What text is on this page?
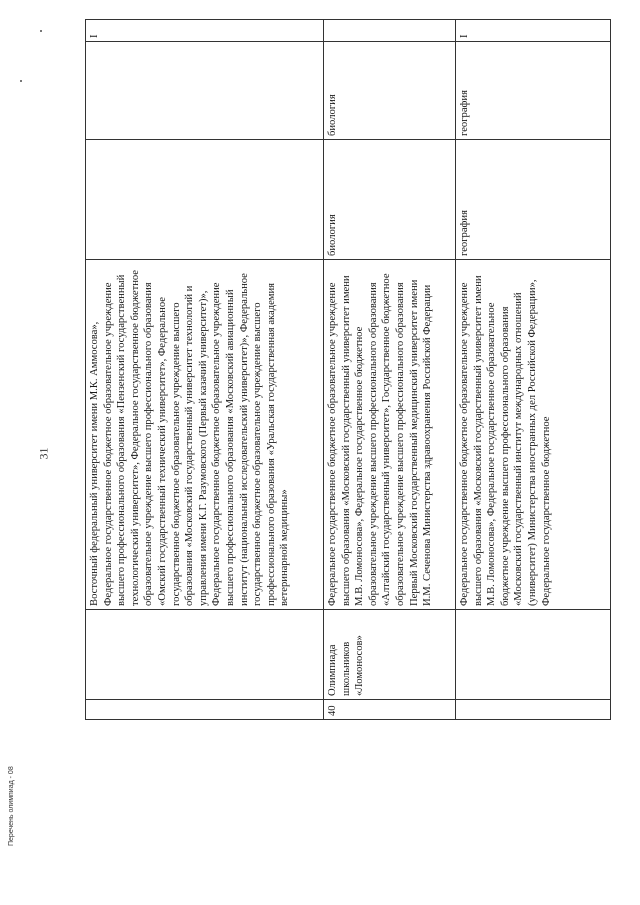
		Восточный федеральный университет имени М.К. Аммосова», Федеральное государственное бюджетное образовательное учреждение высшего профессионального образования «Пензенский государственный технологический университет», Федеральное государственное бюджетное образовательное учреждение высшего профессионального образования «Омский государственный технический университет», Федеральное государственное бюджетное образовательное учреждение высшего образования «Московский государственный университет технологий и управления имени К.Г. Разумовского (Первый казачий университет)», Федеральное государственное бюджетное образовательное учреждение высшего профессионального образования «Московский авиационный институт (национальный исследовательский университет)», Федеральное государственное бюджетное образовательное учреждение высшего профессионального образования «Уральская государственная академия ветеринарной медицины»			I
40	Олимпиада школьников «Ломоносов»	Федеральное государственное бюджетное образовательное учреждение высшего образования «Московский государственный университет имени М.В. Ломоносова», Федеральное государственное бюджетное образовательное учреждение высшего профессионального образования «Алтайский государственный университет», Государственное бюджетное образовательное учреждение высшего профессионального образования Первый Московский государственный медицинский университет имени И.М. Сеченова Министерства здравоохранения Российской Федерации	биология	биология	
		Федеральное государственное бюджетное образовательное учреждение высшего образования «Московский государственный университет имени М.В. Ломоносова», Федеральное государственное образовательное бюджетное учреждение высшего профессионального образования «Московский государственный институт международных отношений (университет) Министерства иностранных дел Российской Федерации», Федеральное государственное бюджетное	география	география	I
31
Перечень олимпиад - 08
